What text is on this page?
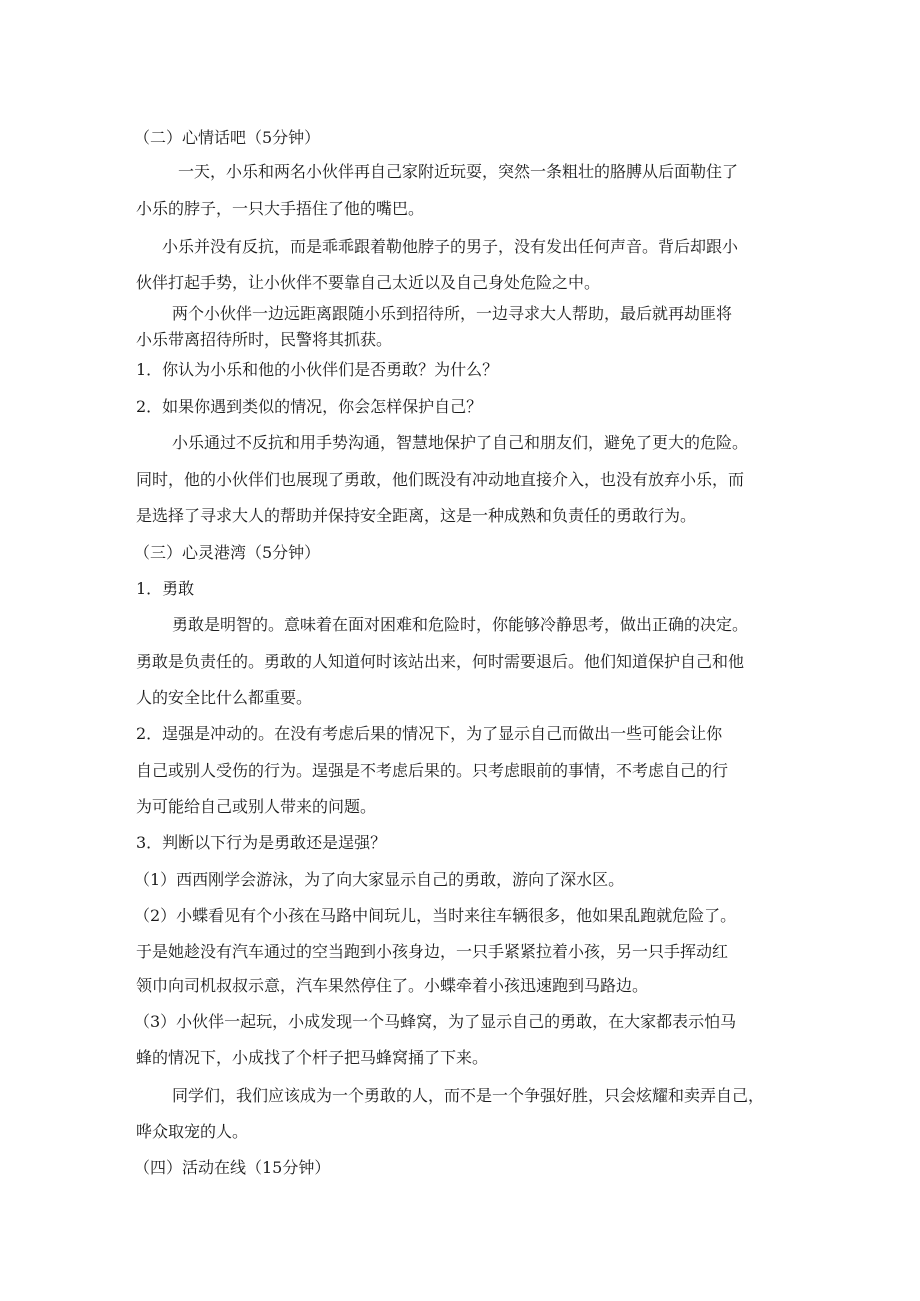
（二）心情话吧（5分钟）
一天，小乐和两名小伙伴再自己家附近玩耍，突然一条粗壮的胳膊从后面勒住了
小乐的脖子，一只大手捂住了他的嘴巴。
小乐并没有反抗，而是乖乖跟着勒他脖子的男子，没有发出任何声音。背后却跟小
伙伴打起手势，让小伙伴不要靠自己太近以及自己身处危险之中。
两个小伙伴一边远距离跟随小乐到招待所，一边寻求大人帮助，最后就再劫匪将
小乐带离招待所时，民警将其抓获。
1．你认为小乐和他的小伙伴们是否勇敢？为什么？
2．如果你遇到类似的情况，你会怎样保护自己？
小乐通过不反抗和用手势沟通，智慧地保护了自己和朋友们，避免了更大的危险。
同时，他的小伙伴们也展现了勇敢，他们既没有冲动地直接介入，也没有放弃小乐，而
是选择了寻求大人的帮助并保持安全距离，这是一种成熟和负责任的勇敢行为。
（三）心灵港湾（5分钟）
1．勇敢
勇敢是明智的。意味着在面对困难和危险时，你能够冷静思考，做出正确的决定。
勇敢是负责任的。勇敢的人知道何时该站出来，何时需要退后。他们知道保护自己和他
人的安全比什么都重要。
2．逞强是冲动的。在没有考虑后果的情况下，为了显示自己而做出一些可能会让你
自己或别人受伤的行为。逞强是不考虑后果的。只考虑眼前的事情，不考虑自己的行
为可能给自己或别人带来的问题。
3．判断以下行为是勇敢还是逞强？
（1）西西刚学会游泳，为了向大家显示自己的勇敢，游向了深水区。
（2）小蝶看见有个小孩在马路中间玩儿，当时来往车辆很多，他如果乱跑就危险了。
于是她趁没有汽车通过的空当跑到小孩身边，一只手紧紧拉着小孩，另一只手挥动红
领巾向司机叔叔示意，汽车果然停住了。小蝶牵着小孩迅速跑到马路边。
（3）小伙伴一起玩，小成发现一个马蜂窝，为了显示自己的勇敢，在大家都表示怕马
蜂的情况下，小成找了个杆子把马蜂窝捅了下来。
同学们，我们应该成为一个勇敢的人，而不是一个争强好胜，只会炫耀和卖弄自己，
哗众取宠的人。
（四）活动在线（15分钟）
